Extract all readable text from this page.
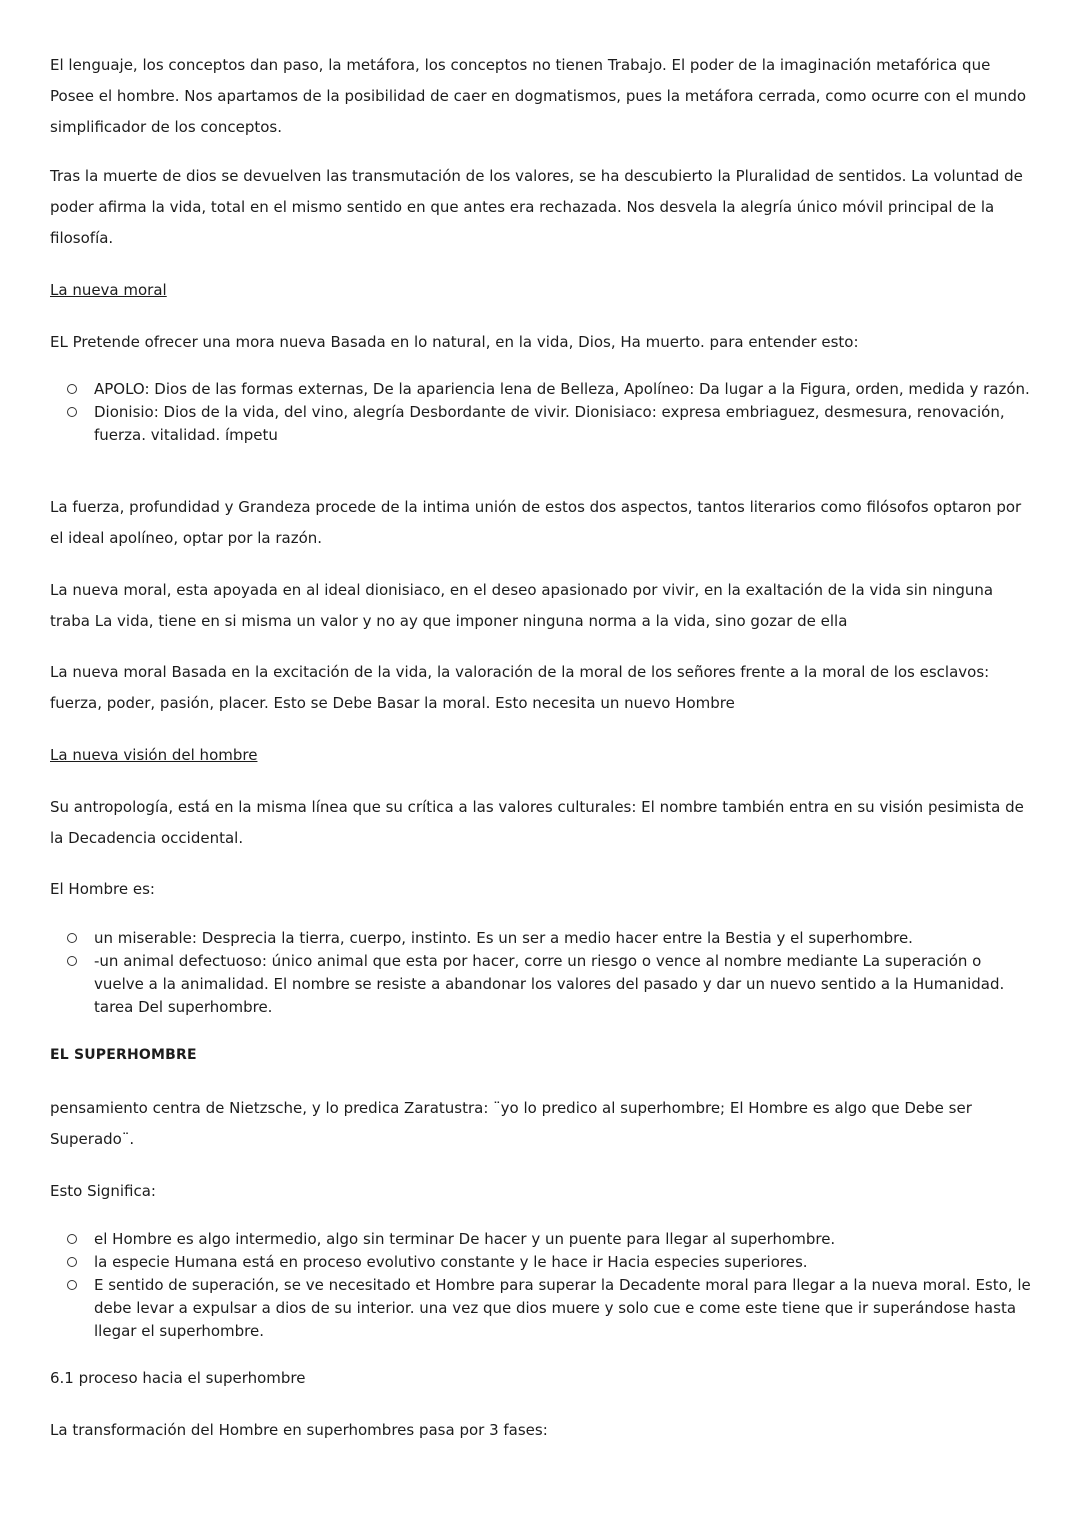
El lenguaje, los conceptos dan paso, la metáfora, los conceptos no tienen Trabajo. El poder de la imaginación metafórica que Posee el hombre. Nos apartamos de la posibilidad de caer en dogmatismos, pues la metáfora cerrada, como ocurre con el mundo simplificador de los conceptos.

Tras la muerte de dios se devuelven las transmutación de los valores, se ha descubierto la Pluralidad de sentidos. La voluntad de poder afirma la vida, total en el mismo sentido en que antes era rechazada. Nos desvela la alegría único móvil principal de la filosofía.

La nueva moral

EL Pretende ofrecer una mora nueva Basada en lo natural, en la vida, Dios, Ha muerto. para entender esto:

APOLO: Dios de las formas externas, De la apariencia lena de Belleza, Apolíneo: Da lugar a la Figura, orden, medida y razón.
Dionisio: Dios de la vida, del vino, alegría Desbordante de vivir. Dionisiaco: expresa embriaguez, desmesura, renovación, fuerza. vitalidad. ímpetu

La fuerza, profundidad y Grandeza procede de la intima unión de estos dos aspectos, tantos literarios como filósofos optaron por el ideal apolíneo, optar por la razón.

La nueva moral, esta apoyada en al ideal dionisiaco, en el deseo apasionado por vivir, en la exaltación de la vida sin ninguna traba La vida, tiene en si misma un valor y no ay que imponer ninguna norma a la vida, sino gozar de ella

La nueva moral Basada en la excitación de la vida, la valoración de la moral de los señores frente a la moral de los esclavos: fuerza, poder, pasión, placer. Esto se Debe Basar la moral. Esto necesita un nuevo Hombre

La nueva visión del hombre

Su antropología, está en la misma línea que su crítica a las valores culturales: El nombre también entra en su visión pesimista de la Decadencia occidental.

El Hombre es:

un miserable: Desprecia la tierra, cuerpo, instinto. Es un ser a medio hacer entre la Bestia y el superhombre.
-un animal defectuoso: único animal que esta por hacer, corre un riesgo o vence al nombre mediante La superación o vuelve a la animalidad. El nombre se resiste a abandonar los valores del pasado y dar un nuevo sentido a la Humanidad. tarea Del superhombre.

EL SUPERHOMBRE

pensamiento centra de Nietzsche, y lo predica Zaratustra: ¨yo lo predico al superhombre; El Hombre es algo que Debe ser Superado¨.

Esto Significa:

el Hombre es algo intermedio, algo sin terminar De hacer y un puente para llegar al superhombre.
la especie Humana está en proceso evolutivo constante y le hace ir Hacia especies superiores.
E sentido de superación, se ve necesitado et Hombre para superar la Decadente moral para llegar a la nueva moral. Esto, le debe levar a expulsar a dios de su interior. una vez que dios muere y solo cue e come este tiene que ir superándose hasta llegar el superhombre.

6.1 proceso hacia el superhombre

La transformación del Hombre en superhombres pasa por 3 fases:
